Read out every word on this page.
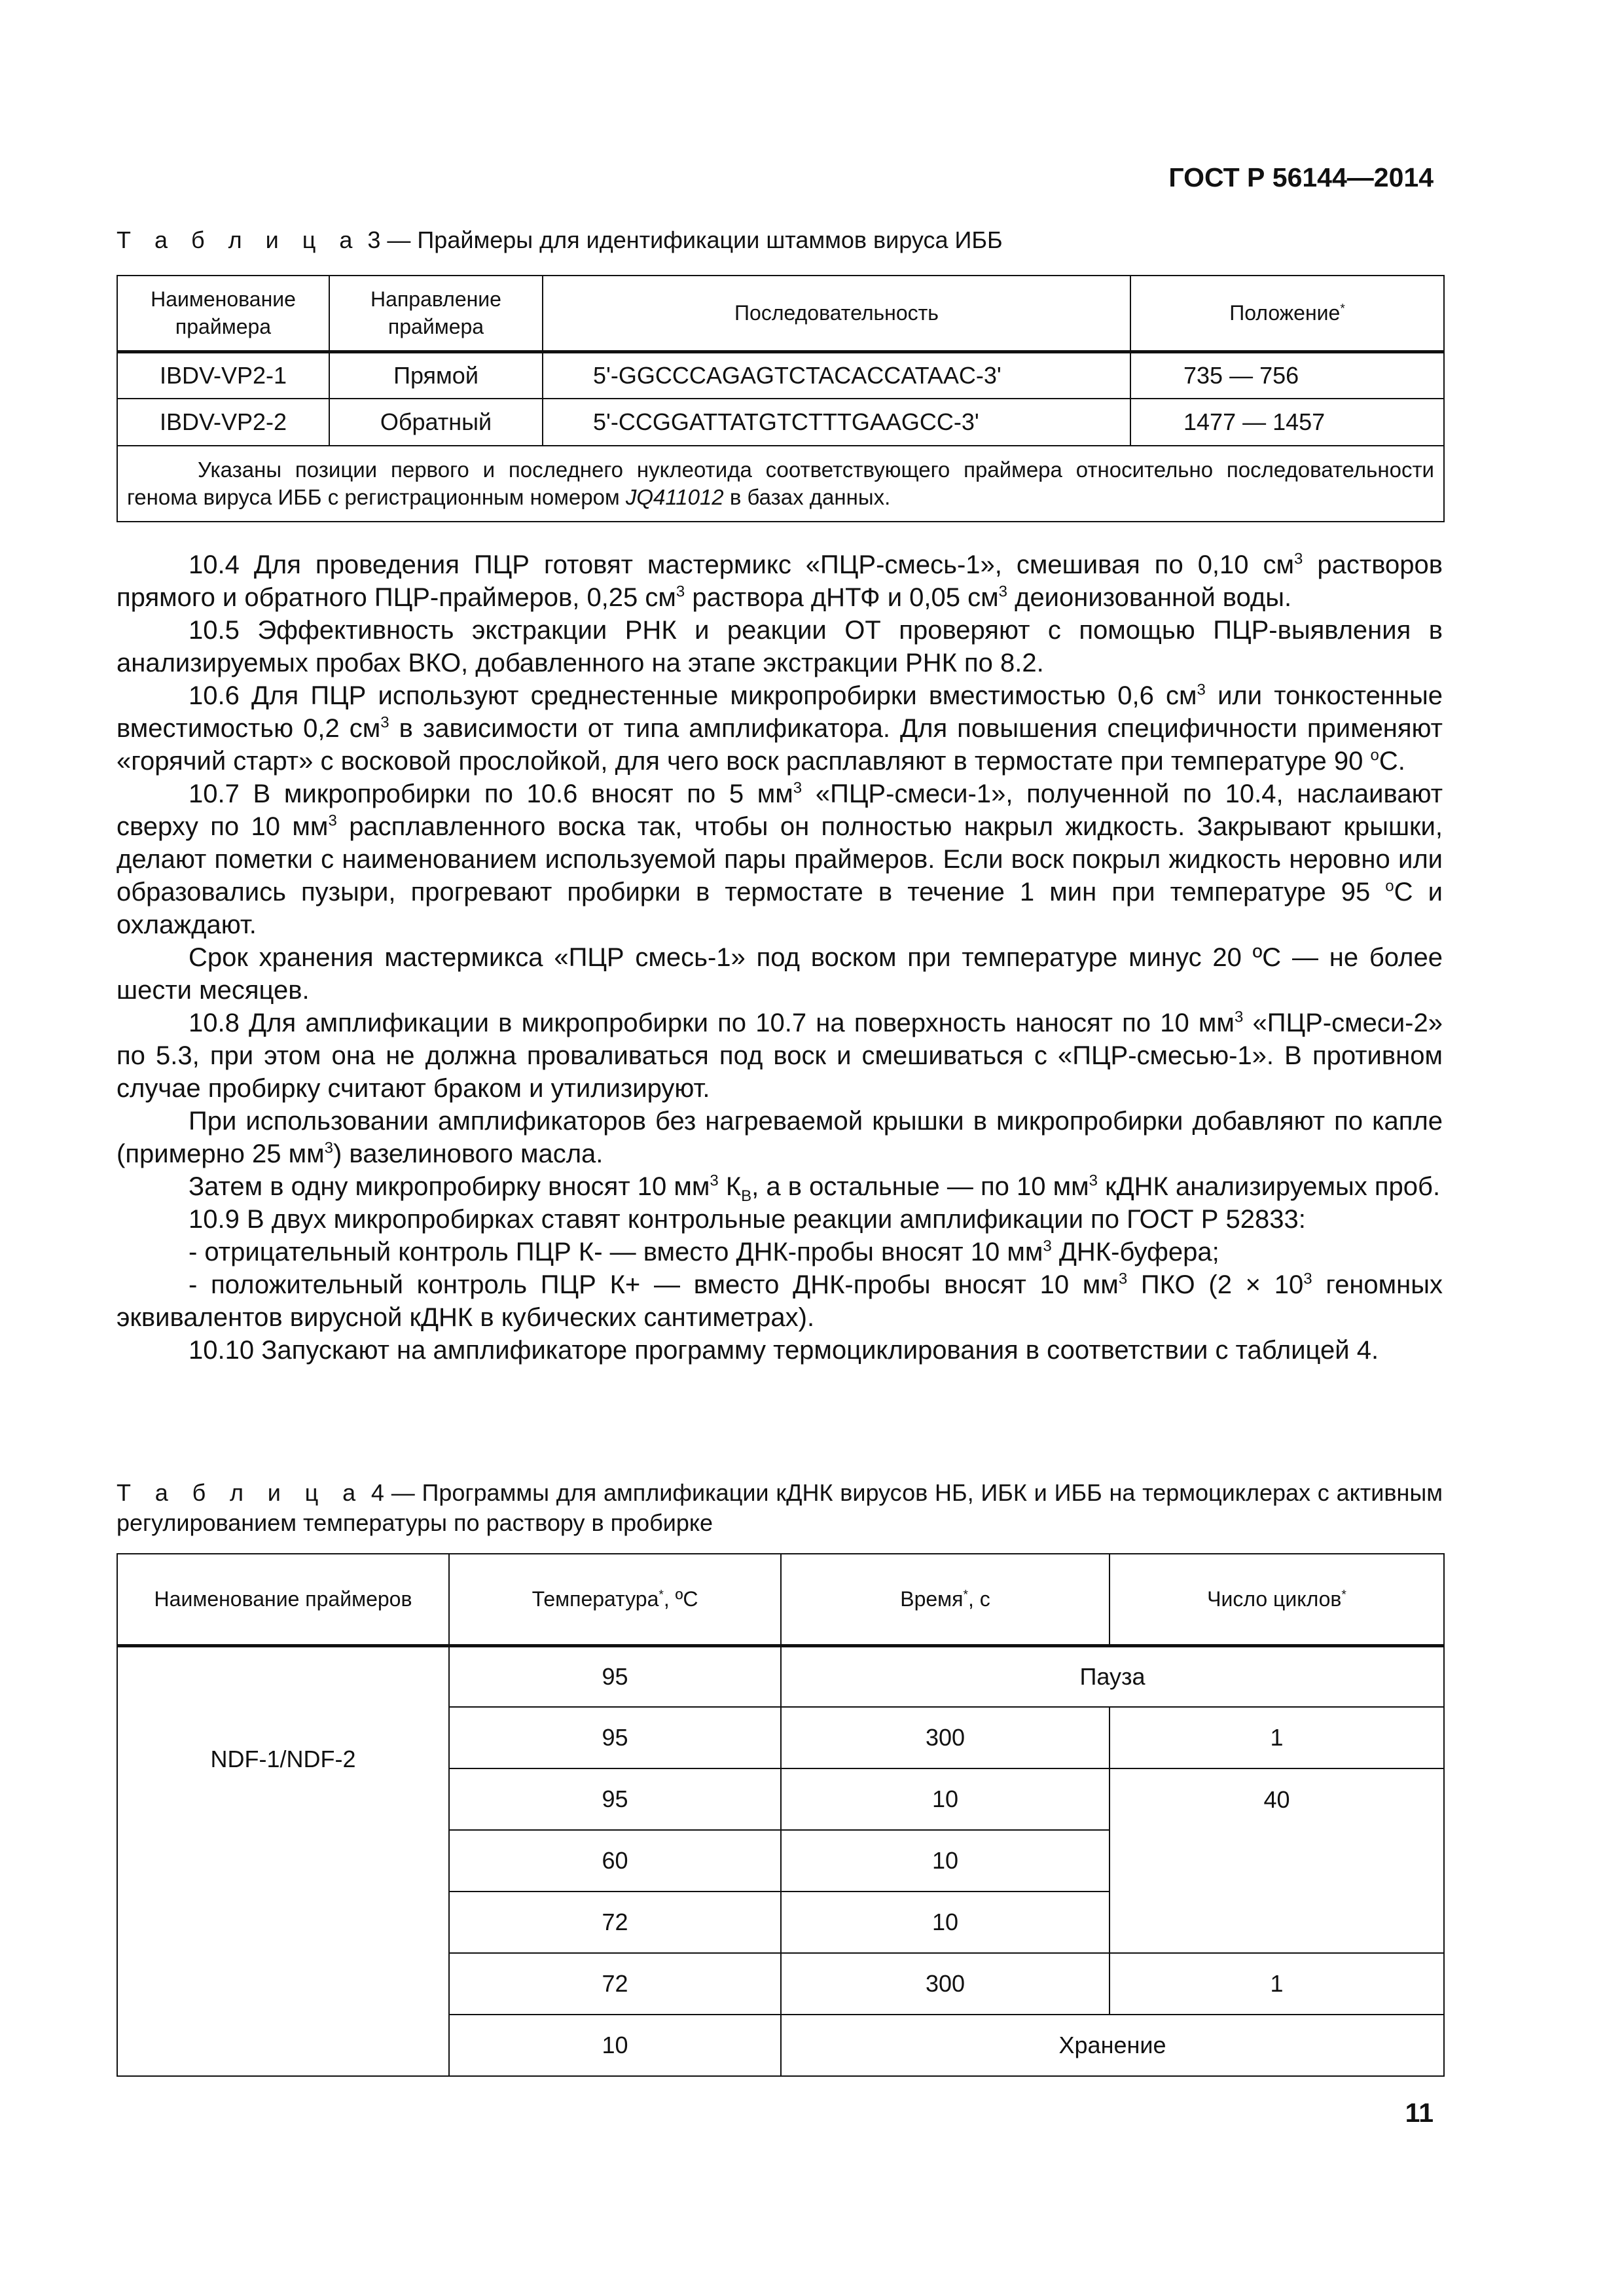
ГОСТ Р 56144—2014
Т а б л и ц а 3 — Праймеры для идентификации штаммов вируса ИББ
Наименование праймера	Направление праймера	Последовательность	Положение*
IBDV-VP2-1	Прямой	5'-GGCCCAGAGTCTACACCATAAC-3'	735 — 756
IBDV-VP2-2	Обратный	5'-CCGGATTATGTCTTTGAAGCC-3'	1477 — 1457
Указаны позиции первого и последнего нуклеотида соответствующего праймера относительно последовательности генома вируса ИББ с регистрационным номером JQ411012 в базах данных.			

10.4 Для проведения ПЦР готовят мастермикс «ПЦР-смесь-1», смешивая по 0,10 $см^3$ растворов прямого и обратного ПЦР-праймеров, 0,25 $см^3$ раствора дНТФ и 0,05 $см^3$ деионизованной воды.

10.5 Эффективность экстракции РНК и реакции ОТ проверяют с помощью ПЦР-выявления в анализируемых пробах ВКО, добавленного на этапе экстракции РНК по 8.2.

10.6 Для ПЦР используют среднестенные микропробирки вместимостью 0,6 $см^3$ или тонкостенные вместимостью 0,2 $см^3$ в зависимости от типа амплификатора. Для повышения специфичности применяют «горячий старт» с восковой прослойкой, для чего воск расплавляют в термостате при температуре 90 $^о$С.

10.7 В микропробирки по 10.6 вносят по 5 $мм^3$ «ПЦР-смеси-1», полученной по 10.4, наслаивают сверху по 10 $мм^3$ расплавленного воска так, чтобы он полностью накрыл жидкость. Закрывают крышки, делают пометки с наименованием используемой пары праймеров. Если воск покрыл жидкость неровно или образовались пузыри, прогревают пробирки в термостате в течение 1 мин при температуре 95 $^о$С и охлаждают.

Срок хранения мастермикса «ПЦР смесь-1» под воском при температуре минус 20 ºС — не более шести месяцев.

10.8 Для амплификации в микропробирки по 10.7 на поверхность наносят по 10 $мм^3$ «ПЦР-смеси-2» по 5.3, при этом она не должна проваливаться под воск и смешиваться с «ПЦР-смесью-1». В противном случае пробирку считают браком и утилизируют.

При использовании амплификаторов без нагреваемой крышки в микропробирки добавляют по капле (примерно 25 $мм^3$) вазелинового масла.

Затем в одну микропробирку вносят 10 $мм^3$ $К_В$, а в остальные — по 10 $мм^3$ кДНК анализируемых проб.

10.9 В двух микропробирках ставят контрольные реакции амплификации по ГОСТ Р 52833:

- отрицательный контроль ПЦР К- — вместо ДНК-пробы вносят 10 $мм^3$ ДНК-буфера;

- положительный контроль ПЦР К+ — вместо ДНК-пробы вносят 10 $мм^3$ ПКО ($2 \times 10^3$ геномных эквивалентов вирусной кДНК в кубических сантиметрах).

10.10 Запускают на амплификаторе программу термоциклирования в соответствии с таблицей 4.

Т а б л и ц а 4 — Программы для амплификации кДНК вирусов НБ, ИБК и ИББ на термоциклерах с активным регулированием температуры по раствору в пробирке
Наименование праймеров	Температура*, ºС	Время*, с	Число циклов*
NDF-1/NDF-2	95	Пауза	
	95	300	1
	95	10	40
	60	10	
	72	10	
	72	300	1
	10	Хранение	
11
